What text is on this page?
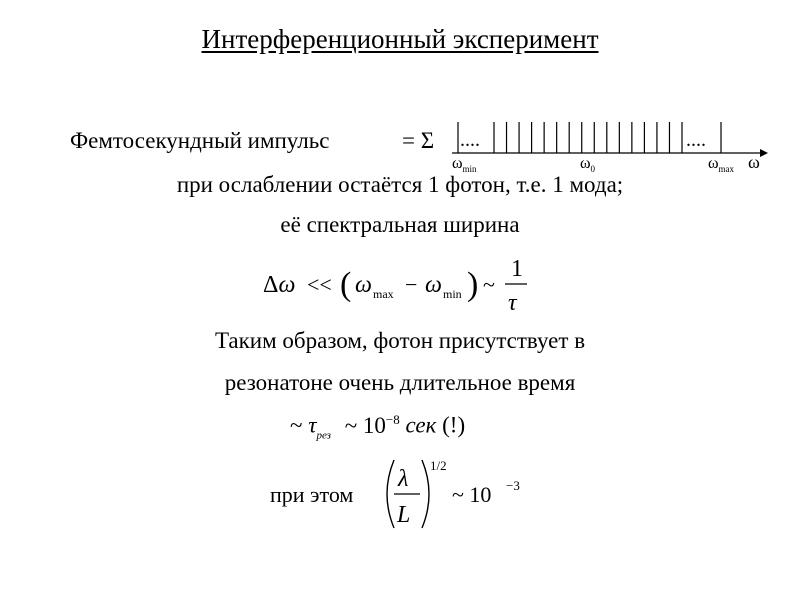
Интерференционный эксперимент
Фемтосекундный импульс	= Σ ....	....
$\omega_{min}$	$\omega_0$	$\omega_{max}$ ω
при ослаблении остаётся 1 фотон, т.е. 1 мода;
её спектральная ширина
Δω << ( ω max − ω min ) ~
1
τ
Таким образом, фотон присутствует в
резонатоне очень длительное время
~ $\tau_{рез}$ ~ $10^{-8}$ сек (!)
при этом
λ
L
1/2
~ 10 −3
